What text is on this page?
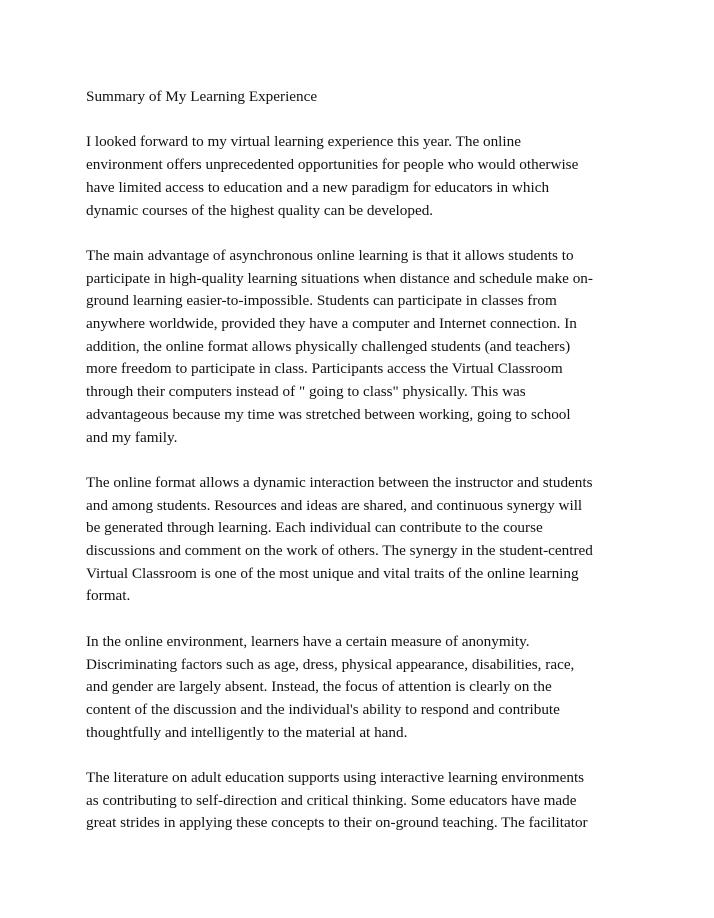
Summary of My Learning Experience

I looked forward to my virtual learning experience this year. The online
environment offers unprecedented opportunities for people who would otherwise
have limited access to education and a new paradigm for educators in which
dynamic courses of the highest quality can be developed.

The main advantage of asynchronous online learning is that it allows students to
participate in high-quality learning situations when distance and schedule make on-
ground learning easier-to-impossible. Students can participate in classes from
anywhere worldwide, provided they have a computer and Internet connection. In
addition, the online format allows physically challenged students (and teachers)
more freedom to participate in class. Participants access the Virtual Classroom
through their computers instead of " going to class" physically. This was
advantageous because my time was stretched between working, going to school
and my family.

The online format allows a dynamic interaction between the instructor and students
and among students. Resources and ideas are shared, and continuous synergy will
be generated through learning. Each individual can contribute to the course
discussions and comment on the work of others. The synergy in the student-centred
Virtual Classroom is one of the most unique and vital traits of the online learning
format.

In the online environment, learners have a certain measure of anonymity.
Discriminating factors such as age, dress, physical appearance, disabilities, race,
and gender are largely absent. Instead, the focus of attention is clearly on the
content of the discussion and the individual's ability to respond and contribute
thoughtfully and intelligently to the material at hand.

The literature on adult education supports using interactive learning environments
as contributing to self-direction and critical thinking. Some educators have made
great strides in applying these concepts to their on-ground teaching. The facilitator
